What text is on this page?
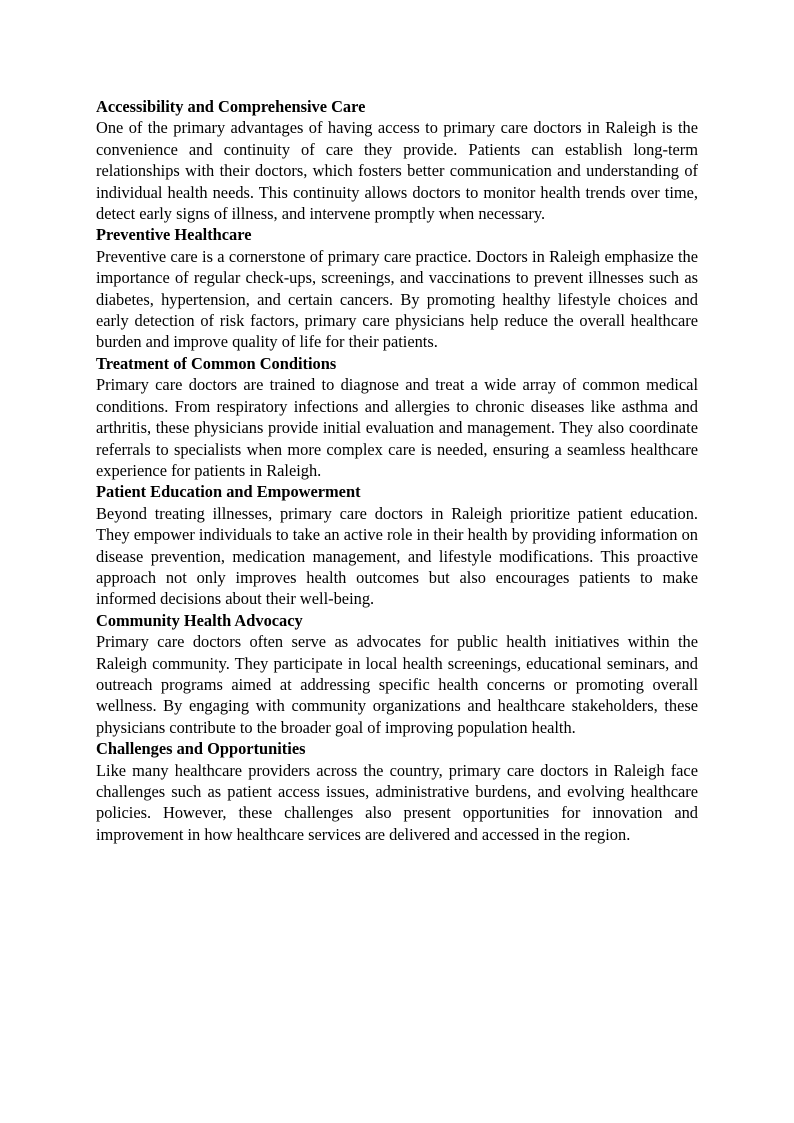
Accessibility and Comprehensive Care

One of the primary advantages of having access to primary care doctors in Raleigh is the convenience and continuity of care they provide. Patients can establish long-term relationships with their doctors, which fosters better communication and understanding of individual health needs. This continuity allows doctors to monitor health trends over time, detect early signs of illness, and intervene promptly when necessary.

Preventive Healthcare

Preventive care is a cornerstone of primary care practice. Doctors in Raleigh emphasize the importance of regular check-ups, screenings, and vaccinations to prevent illnesses such as diabetes, hypertension, and certain cancers. By promoting healthy lifestyle choices and early detection of risk factors, primary care physicians help reduce the overall healthcare burden and improve quality of life for their patients.

Treatment of Common Conditions

Primary care doctors are trained to diagnose and treat a wide array of common medical conditions. From respiratory infections and allergies to chronic diseases like asthma and arthritis, these physicians provide initial evaluation and management. They also coordinate referrals to specialists when more complex care is needed, ensuring a seamless healthcare experience for patients in Raleigh.

Patient Education and Empowerment

Beyond treating illnesses, primary care doctors in Raleigh prioritize patient education. They empower individuals to take an active role in their health by providing information on disease prevention, medication management, and lifestyle modifications. This proactive approach not only improves health outcomes but also encourages patients to make informed decisions about their well-being.

Community Health Advocacy

Primary care doctors often serve as advocates for public health initiatives within the Raleigh community. They participate in local health screenings, educational seminars, and outreach programs aimed at addressing specific health concerns or promoting overall wellness. By engaging with community organizations and healthcare stakeholders, these physicians contribute to the broader goal of improving population health.

Challenges and Opportunities

Like many healthcare providers across the country, primary care doctors in Raleigh face challenges such as patient access issues, administrative burdens, and evolving healthcare policies. However, these challenges also present opportunities for innovation and improvement in how healthcare services are delivered and accessed in the region.
